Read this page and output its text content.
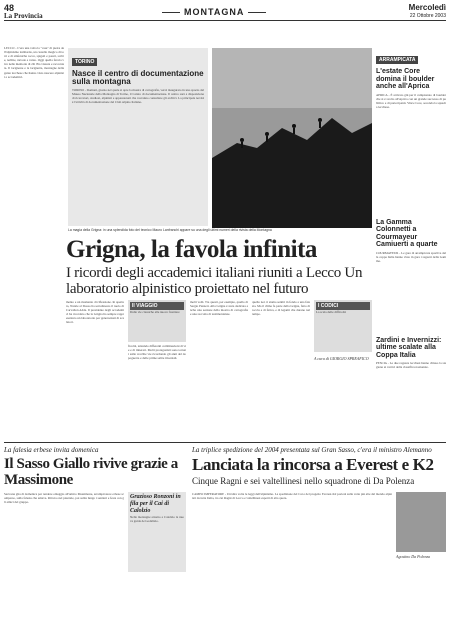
48
La Provincia	MONTAGNA	Mercoledì
22 Ottobre 2003
LECCO - C'era una volta la "casa" di pietra dell'alpinismo lombardo, un castello magico di torri e di sinfoniche rocce, spigoli e pareti, scritte, nebbie, nuvole e vento. Oggi quella favola vive nelle memorie di chi l'ha vissuta e raccontata. Il Grignone e la Grignetta, montagne della gente lecchese che hanno visto nascere alpinisti e accademici.
TORINO
Nasce il centro di documentazione sulla montagna
TORINO - Domani, giorno nel quale si apre la mostra di cartografia, verrà inaugurato in uno spazio del Museo Nazionale della Montagna di Torino, il Centro di documentazione. Il centro sarà a disposizione di ricercatori, studiosi, alpinisti e appassionati che vorranno consultare gli archivi. La principale novità è l'attività di documentazione del Club Alpino Italiano.
La magia della Grigna: in una splendida foto del tecnico Mauro Lanfranchi appare su una degli ultimi numeri della rivista della Montagna
ARRAMPICATA
L'estate Core domina il boulder anche all'Aprica
APRICA - È arrivato giù per il campionato di boulder che si è svolto all'Aprica con un grande successo di pubblico e di partecipanti. Vince Core, seconda la squadra lecchese.
La Gamma Colonnetti a Courmayeur Camiuerti a quarte
COURMAYEUR - Le gare di arrampicata sportiva della coppa Italia hanno visto in gara i ragazzi della Gamma.
Zardini e Invernizzi: ultime scalate alla Coppa Italia
PESCIA - Le due ragazze lecchesi hanno chiuso la stagione ai vertici della classifica nazionale.
Grigna, la favola infinita
I ricordi degli accademici italiani riuniti a Lecco Un laboratorio alpinistico proiettato nel futuro
mento e un momento di riflessione. In apertura, Natale al Dosso ha sottolineato il ruolo di Carvallon Adda. Il presidente degli accademici ha ricordato che la Grigna ha sempre rappresentato un laboratorio per generazioni di scalatori.
Il VIAGGIO
Dalle vie classiche alle nuove frontiere
ficoltà, tentando differenti combinazioni di vie e di itinerari. Molti protagonisti sono tornati sulle vecchie vie ricordando gli anni del dopoguerra e delle prime salite invernali.
molti volti. Tra questi, per esempio, quello di Sergio Panzeri. Alla Grigna è stata dedicata anche una sezione della mostra di cartografia e una raccolta di testimonianze.
quello noi ci siamo sentiti in fondo a una falesia. Ma il clima fa parte della Grigna, fatto di roccia e di fatica, e di legami che durano nel tempo.
I CODICI
La scala delle difficoltà
A cura di GIORGIO SPREAFICO
La falesia erbese invita domenica
Il Sasso Giallo rivive grazie a Massimone
Sarà una gita di domenica per rendere omaggio all'amico Massimone, arrampicatore erbese scomparso, sulla falesia che amava. Ritrovo nel piazzale, poi salita lungo i sentieri e festa con gli amici del gruppo.
Grazioso Ronzoni in fila per il Cai di Calolzio
Nelle montagne attorno a Calolzio la nuova guida del sodalizio.
La triplice spedizione del 2004 presentata sul Gran Sasso, c'era il ministro Alemanno
Lanciata la rincorsa a Everest e K2
Cinque Ragni e sei valtellinesi nello squadrone di Da Polenza
CAMPO IMPERATORE - Un'altra volta le leggi dell'alpinismo. La spedizione del Cai e del progetto Everest-K2 porterà sulle vette più alte del mondo alpinisti da tutta Italia, tra cui Ragni di Lecco e valtellinesi esperti di alta quota.
Agostino Da Polenza
